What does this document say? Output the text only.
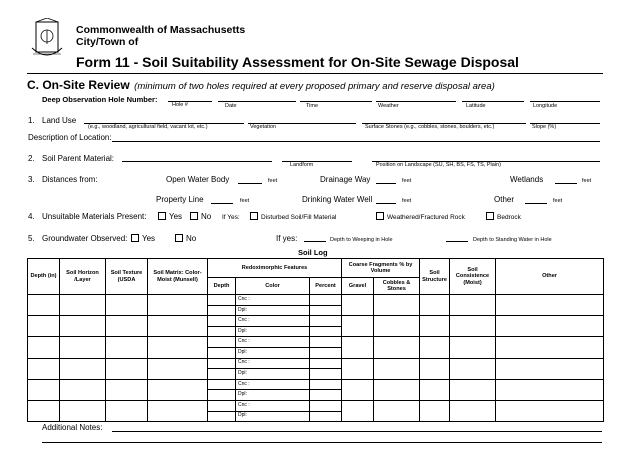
Commonwealth of Massachusetts
City/Town of
Form 11 - Soil Suitability Assessment for On-Site Sewage Disposal
C. On-Site Review (minimum of two holes required at every proposed primary and reserve disposal area)
Deep Observation Hole Number:
Hole #	Date	Time	Weather	Latitude	Longitude
1. Land Use
(e.g., woodland, agricultural field, vacant lot, etc.)	Vegetation	Surface Stones (e.g., cobbles, stones, boulders, etc.)	Slope (%)
Description of Location:
2. Soil Parent Material:
Landform	Position on Landscape (SU, SH, BS, FS, TS, Plain)
3. Distances from:	Open Water Body	feet	Drainage Way	feet	Wetlands	feet
Property Line	feet	Drinking Water Well	feet	Other	feet
4. Unsuitable Materials Present:	Yes	No If Yes:	Disturbed Soil/Fill Material	Weathered/Fractured Rock	Bedrock
5. Groundwater Observed:	Yes	No	If yes:	Depth to Weeping in Hole	Depth to Standing Water in Hole
Soil Log
Depth (in)	Soil Horizon /Layer	Soil Texture (USDA	Soil Matrix: Color-Moist (Munsell)	Redoximorphic Features			Coarse Fragments % by Volume		Soil Structure	Soil Consistence (Moist)	Other
				Depth	Color	Percent	Gravel	Cobbles & Stones			
					Cnc :						
					Dpl:						
					Cnc :						
					Dpl:						
					Cnc :						
					Dpl:						
					Cnc :						
					Dpl:						
					Cnc :						
					Dpl:						
					Cnc :						
					Dpl:						
Additional Notes:
